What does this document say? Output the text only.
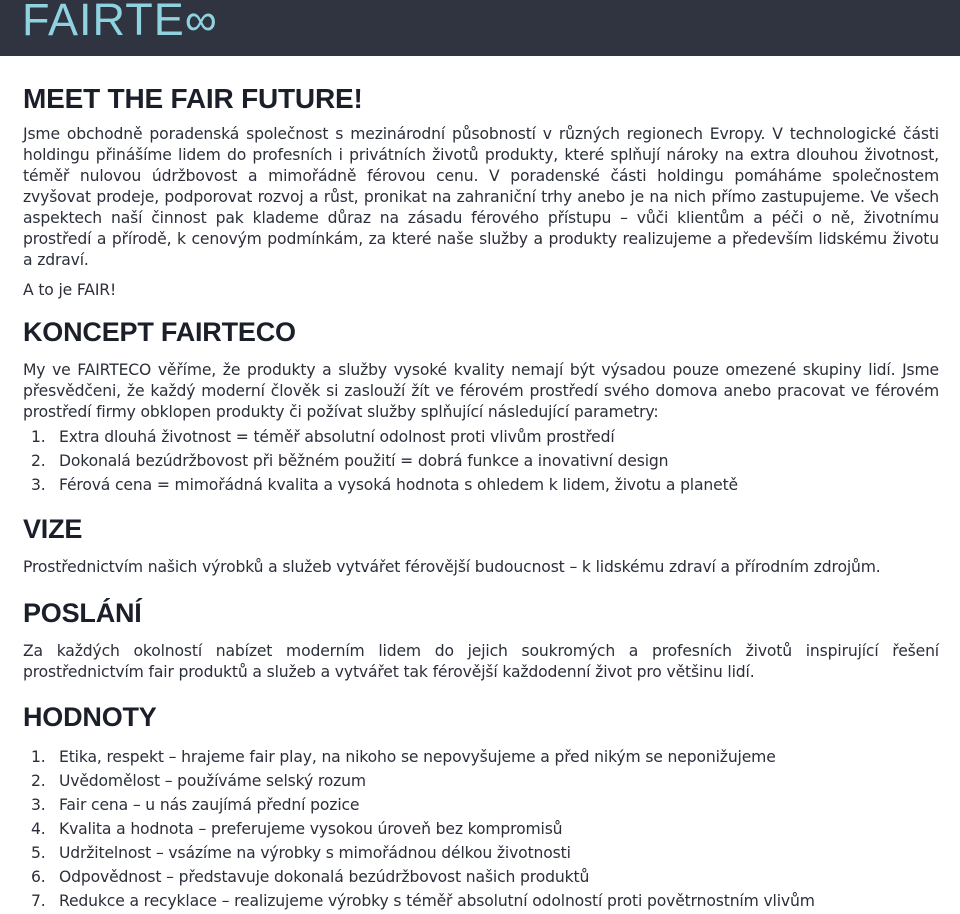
FAIRTE∞
MEET THE FAIR FUTURE!

Jsme obchodně poradenská společnost s mezinárodní působností v různých regionech Evropy. V technologické části holdingu přinášíme lidem do profesních i privátních životů produkty, které splňují nároky na extra dlouhou životnost, téměř nulovou údržbovost a mimořádně férovou cenu. V poradenské části holdingu pomáháme společnostem zvyšovat prodeje, podporovat rozvoj a růst, pronikat na zahraniční trhy anebo je na nich přímo zastupujeme. Ve všech aspektech naší činnost pak klademe důraz na zásadu férového přístupu – vůči klientům a péči o ně, životnímu prostředí a přírodě, k cenovým podmínkám, za které naše služby a produkty realizujeme a především lidskému životu a zdraví.

A to je FAIR!

KONCEPT FAIRTECO

My ve FAIRTECO věříme, že produkty a služby vysoké kvality nemají být výsadou pouze omezené skupiny lidí. Jsme přesvědčeni, že každý moderní člověk si zaslouží žít ve férovém prostředí svého domova anebo pracovat ve férovém prostředí firmy obklopen produkty či požívat služby splňující následující parametry:

1. Extra dlouhá životnost = téměř absolutní odolnost proti vlivům prostředí
2. Dokonalá bezúdržbovost při běžném použití = dobrá funkce a inovativní design
3. Férová cena = mimořádná kvalita a vysoká hodnota s ohledem k lidem, životu a planetě
VIZE

Prostřednictvím našich výrobků a služeb vytvářet férovější budoucnost – k lidskému zdraví a přírodním zdrojům.

POSLÁNÍ

Za každých okolností nabízet moderním lidem do jejich soukromých a profesních životů inspirující řešení prostřednictvím fair produktů a služeb a vytvářet tak férovější každodenní život pro většinu lidí.

HODNOTY
1. Etika, respekt – hrajeme fair play, na nikoho se nepovyšujeme a před nikým se neponižujeme
2. Uvědomělost – používáme selský rozum
3. Fair cena – u nás zaujímá přední pozice
4. Kvalita a hodnota – preferujeme vysokou úroveň bez kompromisů
5. Udržitelnost – vsázíme na výrobky s mimořádnou délkou životnosti
6. Odpovědnost – představuje dokonalá bezúdržbovost našich produktů
7. Redukce a recyklace – realizujeme výrobky s téměř absolutní odolností proti povětrnostním vlivům
